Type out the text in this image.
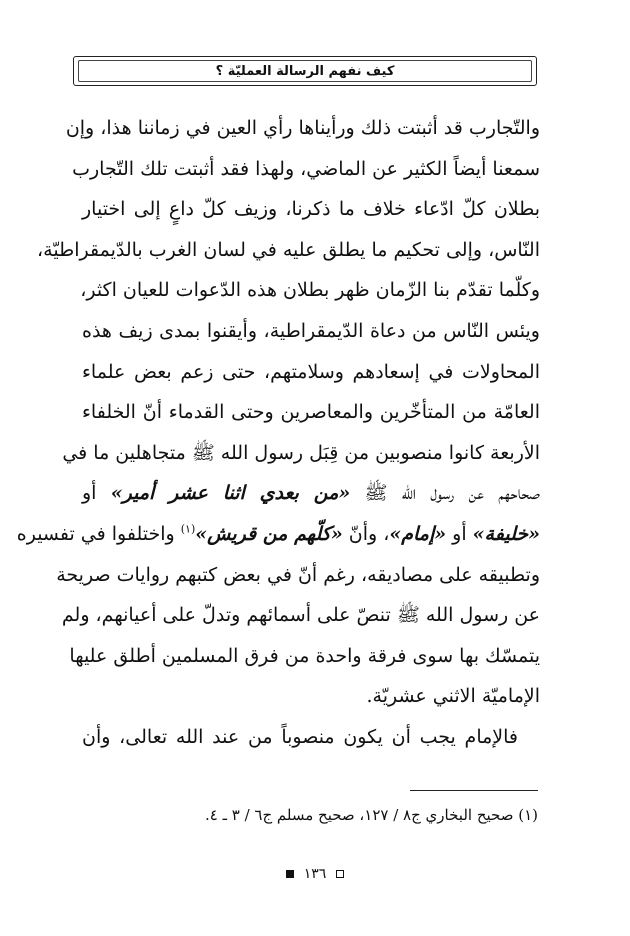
كيف نفهم الرسالة العمليّة ؟
والتّجارب قد أثبتت ذلك ورأيناها رأي العين في زماننا هذا، وإن
سمعنا أيضاً الكثير عن الماضي، ولهذا فقد أثبتت تلك التّجارب
بطلان كلّ ادّعاء خلاف ما ذكرنا، وزيف كلّ داعٍ إلى اختيار
النّاس، وإلى تحكيم ما يطلق عليه في لسان الغرب بالدّيمقراطيّة،
وكلّما تقدّم بنا الزّمان ظهر بطلان هذه الدّعوات للعيان اكثر،
ويئس النّاس من دعاة الدّيمقراطية، وأيقنوا بمدى زيف هذه
المحاولات في إسعادهم وسلامتهم، حتى زعم بعض علماء
العامّة من المتأخّرين والمعاصرين وحتى القدماء أنّ الخلفاء
الأربعة كانوا منصوبين من قِبَل رسول الله ﷺ متجاهلين ما في
صحاحهم عن رسول الله ﷺ «من بعدي اثنا عشر أمير» أو
«خليفة» أو «إمام»، وأنّ «كلّهم من قريش»$^{(١)}$ واختلفوا في تفسيره
وتطبيقه على مصاديقه، رغم أنّ في بعض كتبهم روايات صريحة
عن رسول الله ﷺ تنصّ على أسمائهم وتدلّ على أعيانهم، ولم
يتمسّك بها سوى فرقة واحدة من فرق المسلمين أطلق عليها
الإماميّة الاثني عشريّة.
فالإمام يجب أن يكون منصوباً من عند الله تعالى، وأن
(١) صحيح البخاري ج٨ / ١٢٧، صحيح مسلم ج٦ / ٣ ـ ٤.
١٣٦
